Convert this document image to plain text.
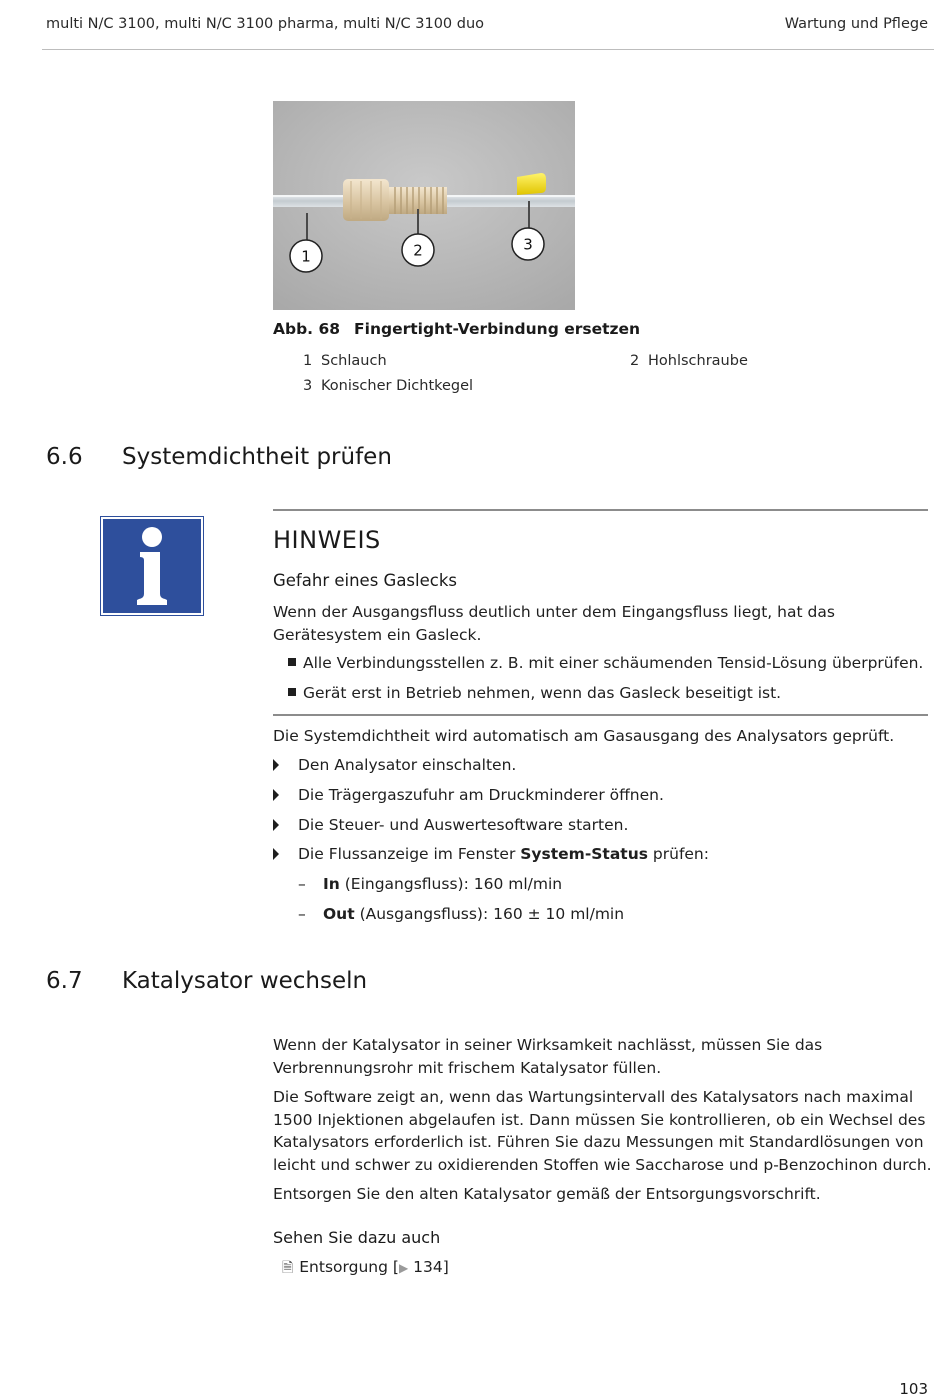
multi N/C 3100, multi N/C 3100 pharma, multi N/C 3100 duo	Wartung und Pflege
1	2	3
Abb. 68 Fingertight-Verbindung ersetzen
1 Schlauch	2 Hohlschraube
3 Konischer Dichtkegel
6.6 Systemdichtheit prüfen
HINWEIS
Gefahr eines Gaslecks
Wenn der Ausgangsfluss deutlich unter dem Eingangsfluss liegt, hat das Gerätesystem ein Gasleck.
Alle Verbindungsstellen z. B. mit einer schäumenden Tensid-Lösung überprüfen.
Gerät erst in Betrieb nehmen, wenn das Gasleck beseitigt ist.
Die Systemdichtheit wird automatisch am Gasausgang des Analysators geprüft.
Den Analysator einschalten.
Die Trägergaszufuhr am Druckminderer öffnen.
Die Steuer- und Auswertesoftware starten.
Die Flussanzeige im Fenster System-Status prüfen:
– In (Eingangsfluss): 160 ml/min
– Out (Ausgangsfluss): 160 ± 10 ml/min
6.7 Katalysator wechseln
Wenn der Katalysator in seiner Wirksamkeit nachlässt, müssen Sie das Verbrennungsrohr mit frischem Katalysator füllen.
Die Software zeigt an, wenn das Wartungsintervall des Katalysators nach maximal 1500 Injektionen abgelaufen ist. Dann müssen Sie kontrollieren, ob ein Wechsel des Katalysators erforderlich ist. Führen Sie dazu Messungen mit Standardlösungen von leicht und schwer zu oxidierenden Stoffen wie Saccharose und p-Benzochinon durch.
Entsorgen Sie den alten Katalysator gemäß der Entsorgungsvorschrift.
Sehen Sie dazu auch
🗎 Entsorgung [▶ 134]
103
